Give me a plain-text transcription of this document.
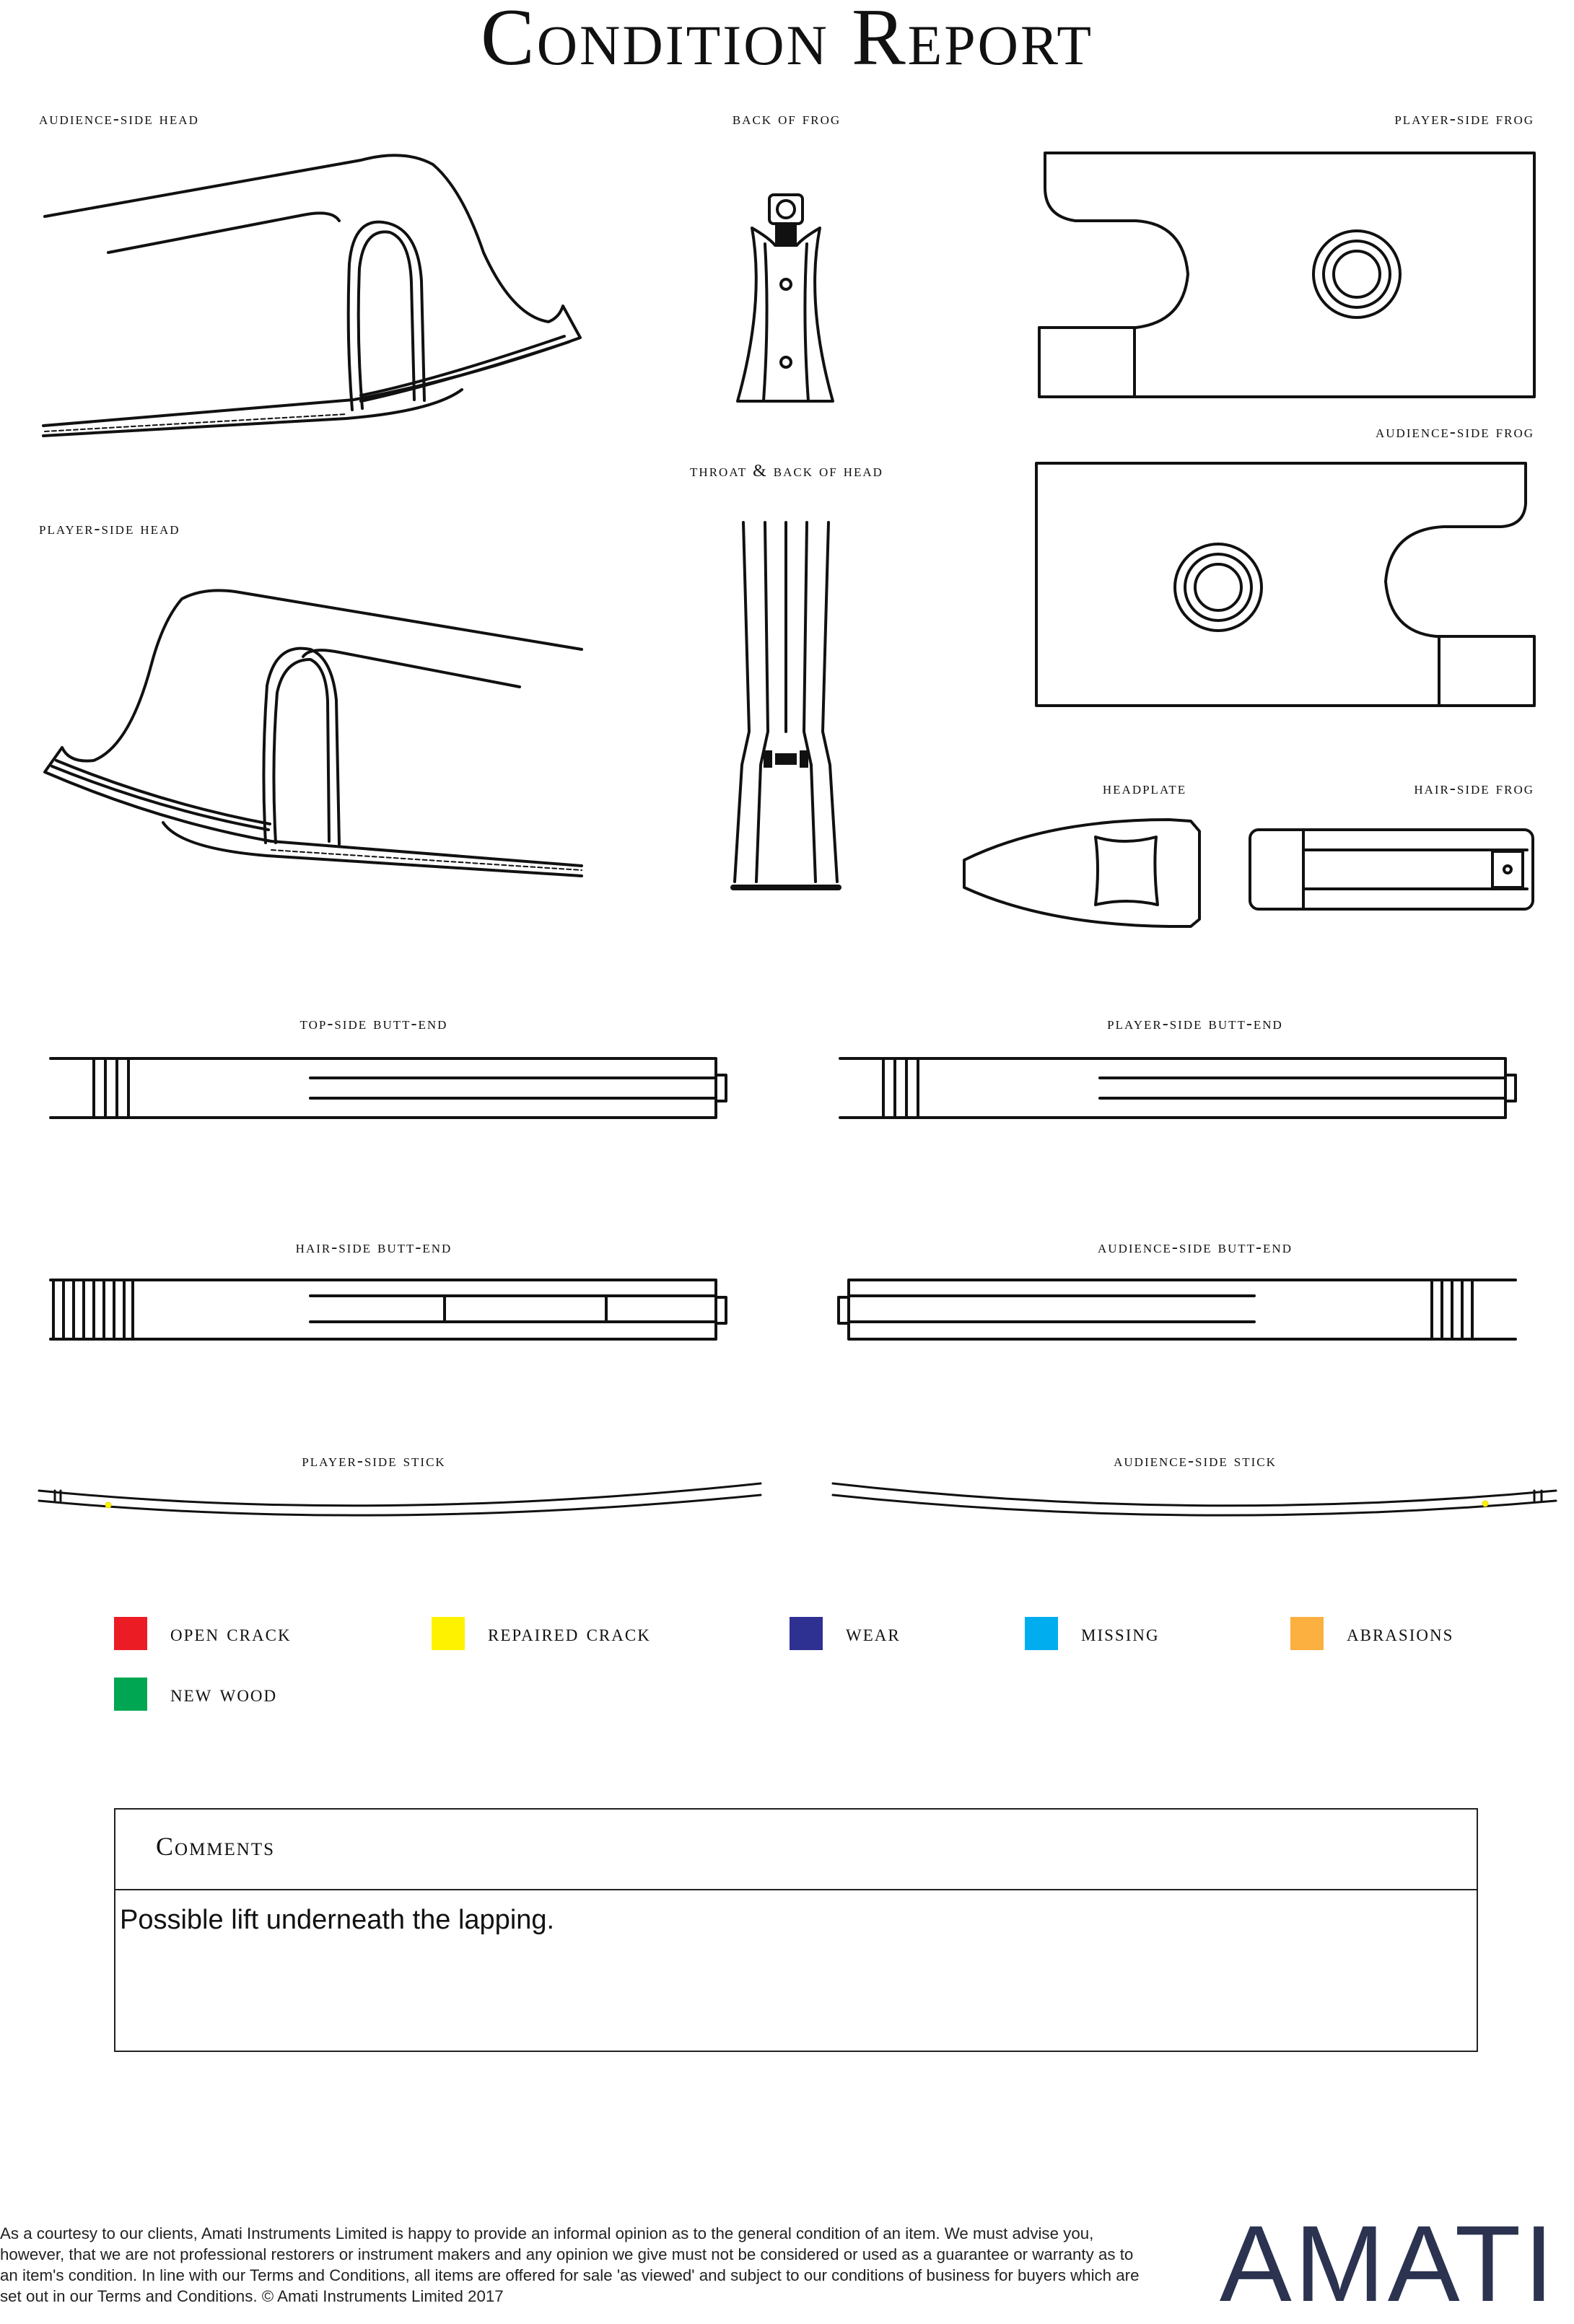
Condition Report
audience-side head	back of frog	player-side frog
throat & back of head
audience-side frog
player-side head
headplate	hair-side frog
top-side butt-end	player-side butt-end
hair-side butt-end	audience-side butt-end
player-side stick	audience-side stick
open crack	repaired crack	wear	missing	abrasions
new wood
Comments
Possible lift underneath the lapping.
As a courtesy to our clients, Amati Instruments Limited is happy to provide an informal opinion as to the general condition of an item. We must advise you, however, that we are not professional restorers or instrument makers and any opinion we give must not be considered or used as a guarantee or warranty as to an item's condition. In line with our Terms and Conditions, all items are offered for sale 'as viewed' and subject to our conditions of business for buyers which are set out in our Terms and Conditions. © Amati Instruments Limited 2017	AMATI
